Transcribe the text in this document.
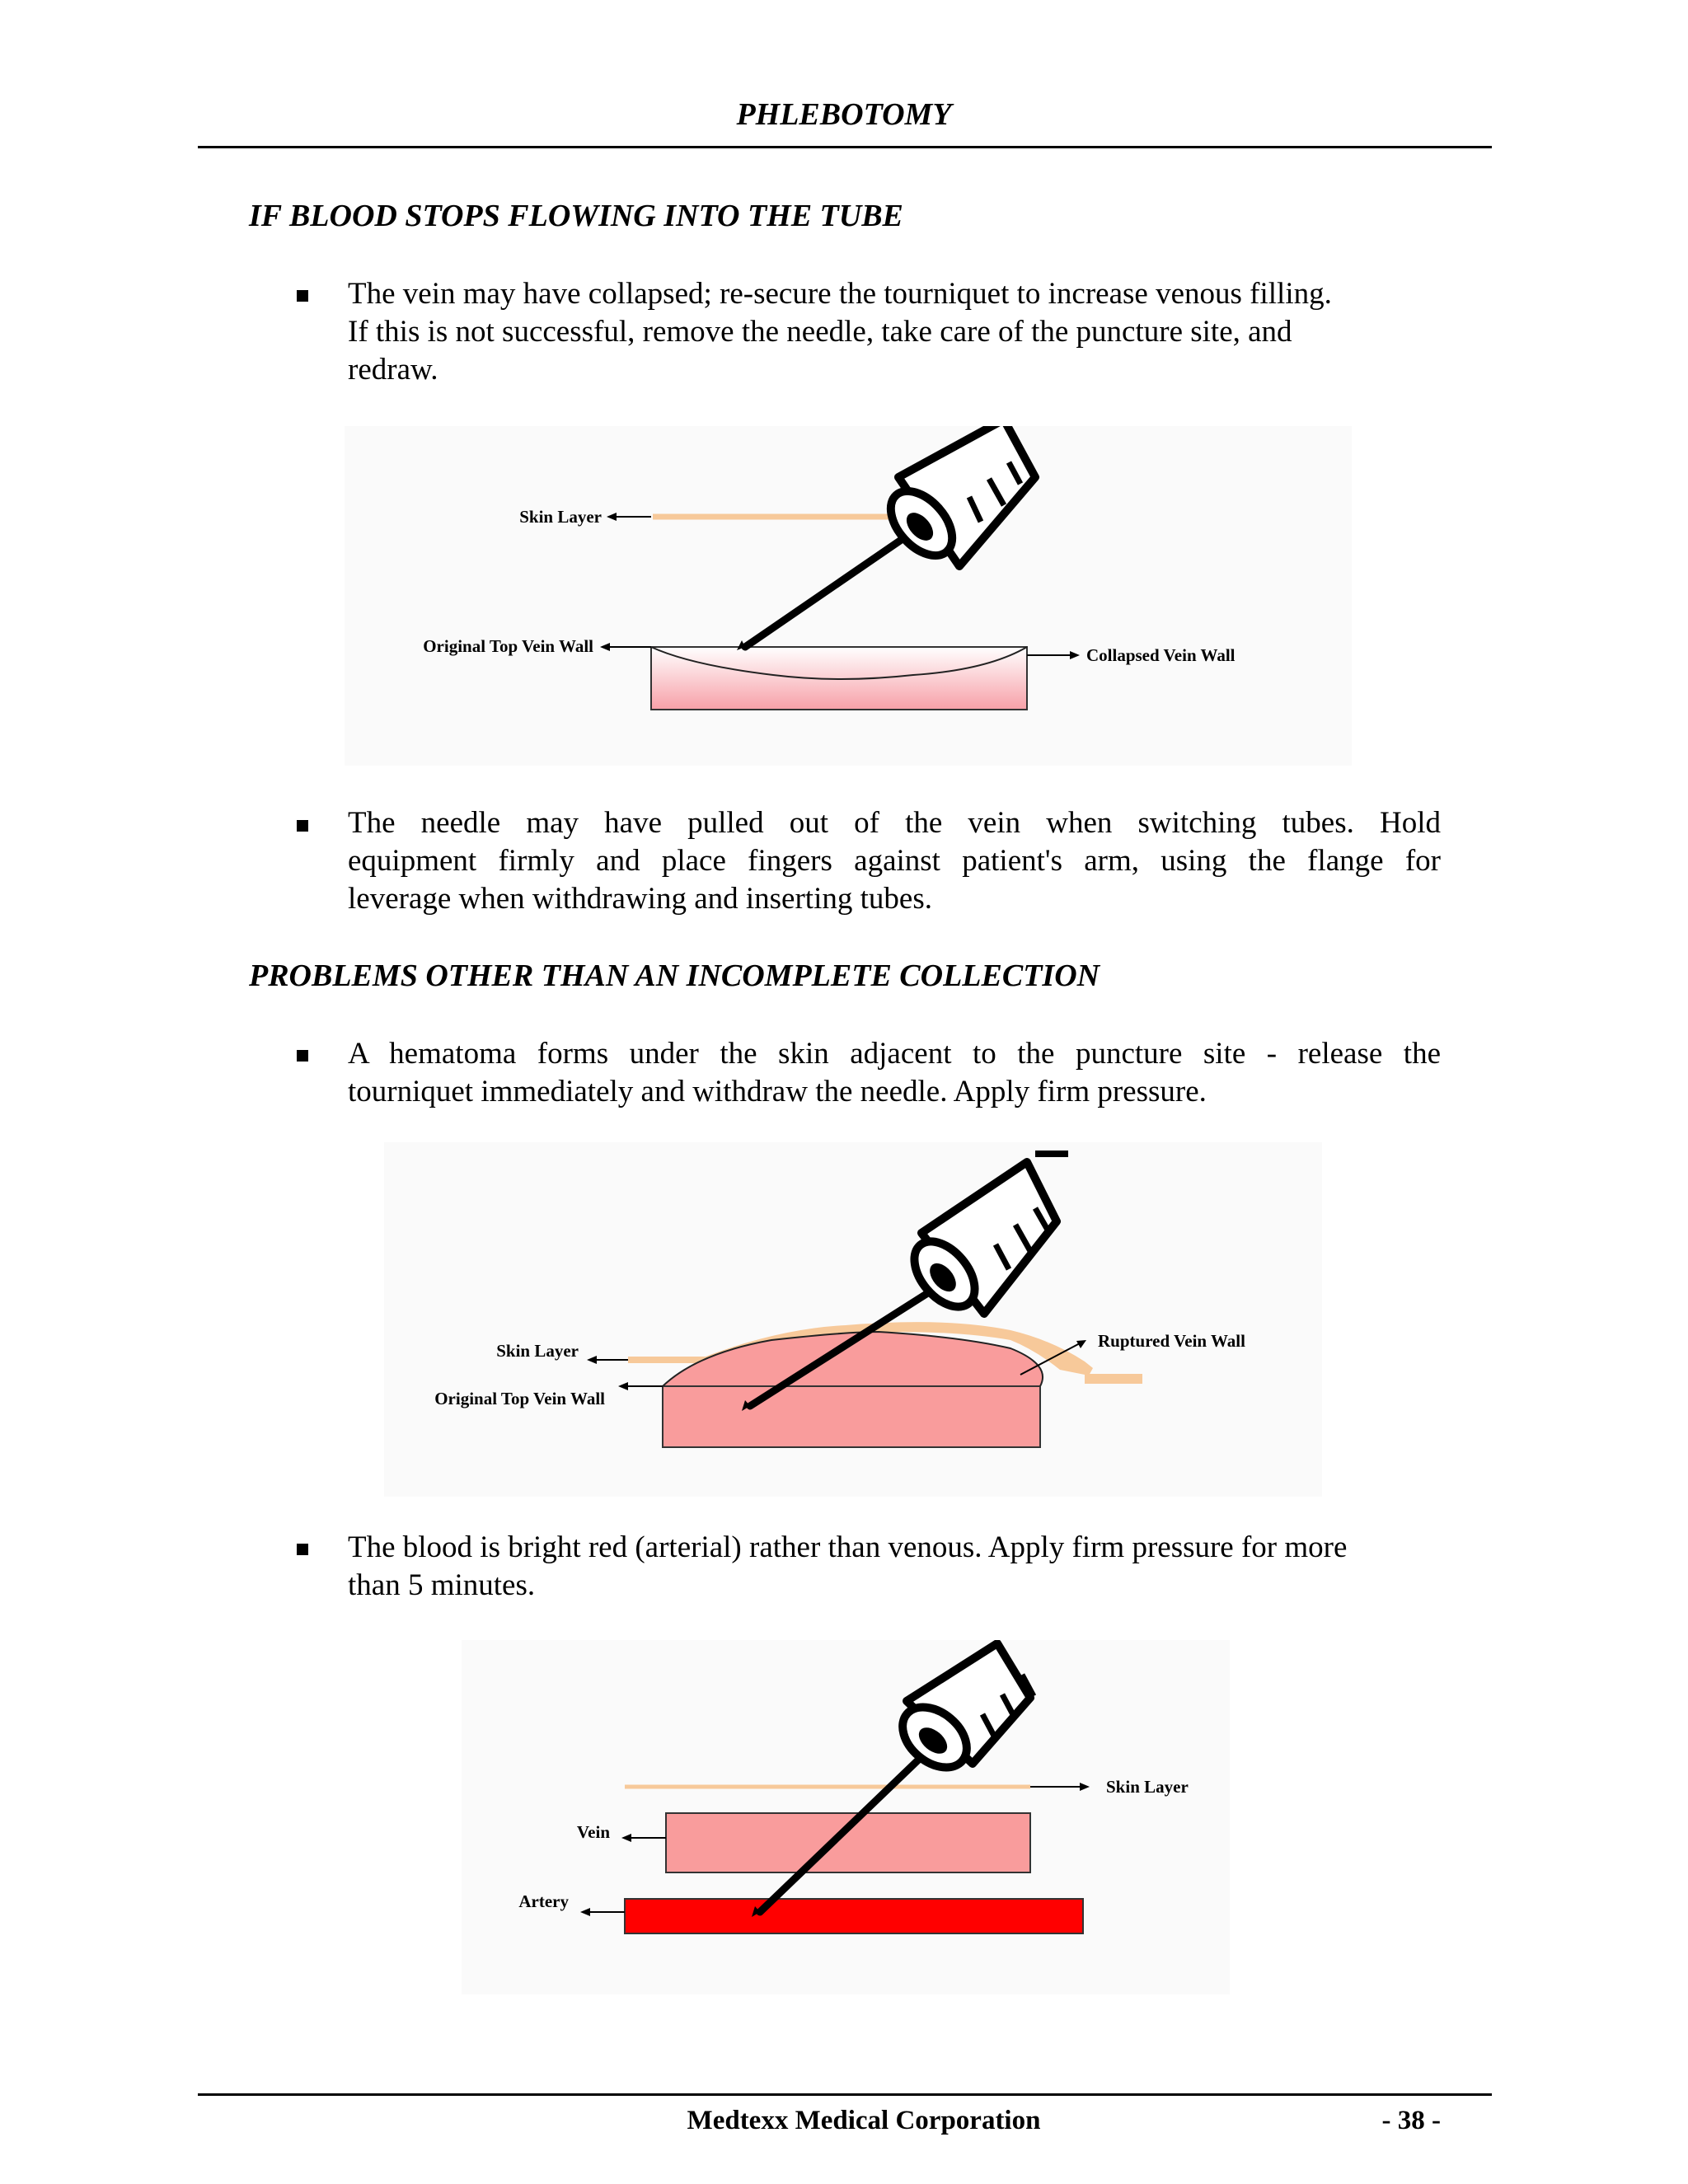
PHLEBOTOMY
IF BLOOD STOPS FLOWING INTO THE TUBE
The vein may have collapsed; re-secure the tourniquet to increase venous filling.
If this is not successful, remove the needle, take care of the puncture site, and
redraw.
Skin Layer
Original Top Vein Wall	Collapsed Vein Wall
The needle may have pulled out of the vein when switching tubes. Hold
equipment firmly and place fingers against patient's arm, using the flange for
leverage when withdrawing and inserting tubes.
PROBLEMS OTHER THAN AN INCOMPLETE COLLECTION
A hematoma forms under the skin adjacent to the puncture site - release the
tourniquet immediately and withdraw the needle. Apply firm pressure.
Skin Layer
Original Top Vein Wall
Ruptured Vein Wall
The blood is bright red (arterial) rather than venous. Apply firm pressure for more
than 5 minutes.
Skin Layer
Vein
Artery
Medtexx Medical Corporation	- 38 -
